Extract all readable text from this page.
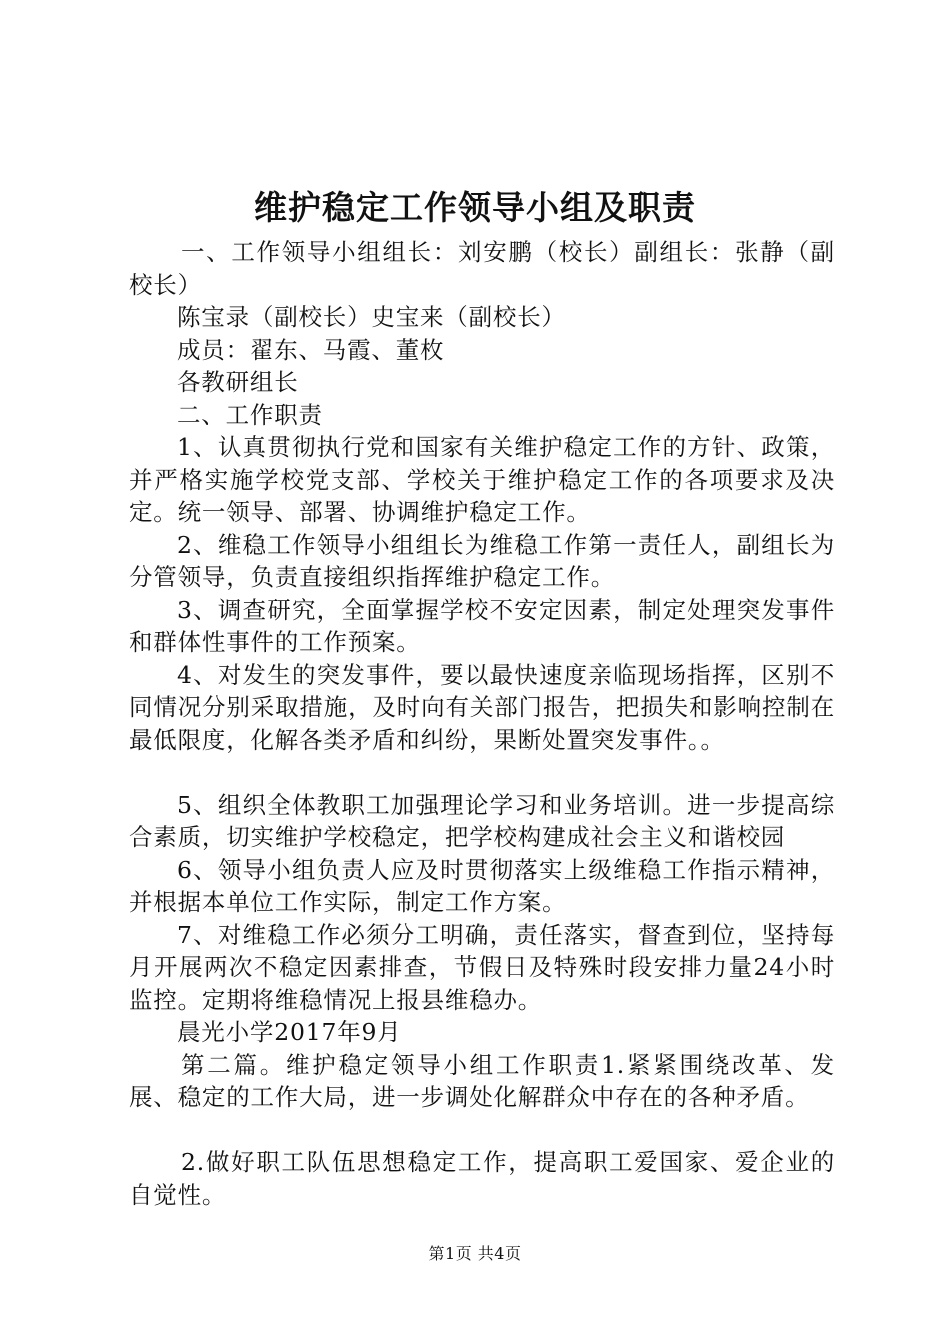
维护稳定工作领导小组及职责

一、工作领导小组组长：刘安鹏（校长）副组长：张静（副校长）

陈宝录（副校长）史宝来（副校长）

成员：翟东、马霞、董枚

各教研组长

二、工作职责

1、认真贯彻执行党和国家有关维护稳定工作的方针、政策，并严格实施学校党支部、学校关于维护稳定工作的各项要求及决定。统一领导、部署、协调维护稳定工作。

2、维稳工作领导小组组长为维稳工作第一责任人，副组长为分管领导，负责直接组织指挥维护稳定工作。

3、调查研究，全面掌握学校不安定因素，制定处理突发事件和群体性事件的工作预案。

4、对发生的突发事件，要以最快速度亲临现场指挥，区别不同情况分别采取措施，及时向有关部门报告，把损失和影响控制在最低限度，化解各类矛盾和纠纷，果断处置突发事件。。

5、组织全体教职工加强理论学习和业务培训。进一步提高综合素质，切实维护学校稳定，把学校构建成社会主义和谐校园

6、领导小组负责人应及时贯彻落实上级维稳工作指示精神，并根据本单位工作实际，制定工作方案。

7、对维稳工作必须分工明确，责任落实，督查到位，坚持每月开展两次不稳定因素排查，节假日及特殊时段安排力量24小时监控。定期将维稳情况上报县维稳办。

晨光小学2017年9月

第二篇。维护稳定领导小组工作职责1.紧紧围绕改革、发展、稳定的工作大局，进一步调处化解群众中存在的各种矛盾。

2.做好职工队伍思想稳定工作，提高职工爱国家、爱企业的自觉性。

第1页 共4页
